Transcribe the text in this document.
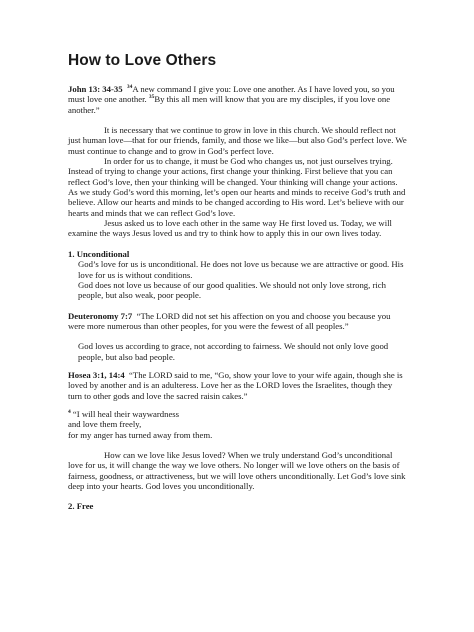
How to Love Others

John 13: 34-35 $^{34}$A new command I give you: Love one another. As I have loved you, so you must love one another. $^{35}$By this all men will know that you are my disciples, if you love one another.”

It is necessary that we continue to grow in love in this church. We should reflect not just human love—that for our friends, family, and those we like—but also God’s perfect love. We must continue to change and to grow in God’s perfect love.

In order for us to change, it must be God who changes us, not just ourselves trying. Instead of trying to change your actions, first change your thinking. First believe that you can reflect God’s love, then your thinking will be changed. Your thinking will change your actions. As we study God’s word this morning, let’s open our hearts and minds to receive God’s truth and believe. Allow our hearts and minds to be changed according to His word. Let’s believe with our hearts and minds that we can reflect God’s love.

Jesus asked us to love each other in the same way He first loved us. Today, we will examine the ways Jesus loved us and try to think how to apply this in our own lives today.

1. Unconditional

God’s love for us is unconditional. He does not love us because we are attractive or good. His love for us is without conditions.

God does not love us because of our good qualities. We should not only love strong, rich people, but also weak, poor people.

Deuteronomy 7:7 “The LORD did not set his affection on you and choose you because you were more numerous than other peoples, for you were the fewest of all peoples.”

God loves us according to grace, not according to fairness. We should not only love good people, but also bad people.

Hosea 3:1, 14:4 “The LORD said to me, “Go, show your love to your wife again, though she is loved by another and is an adulteress. Love her as the LORD loves the Israelites, though they turn to other gods and love the sacred raisin cakes.”

$^4$ “I will heal their waywardness

and love them freely,

for my anger has turned away from them.

How can we love like Jesus loved? When we truly understand God’s unconditional love for us, it will change the way we love others. No longer will we love others on the basis of fairness, goodness, or attractiveness, but we will love others unconditionally. Let God’s love sink deep into your hearts. God loves you unconditionally.

2. Free
